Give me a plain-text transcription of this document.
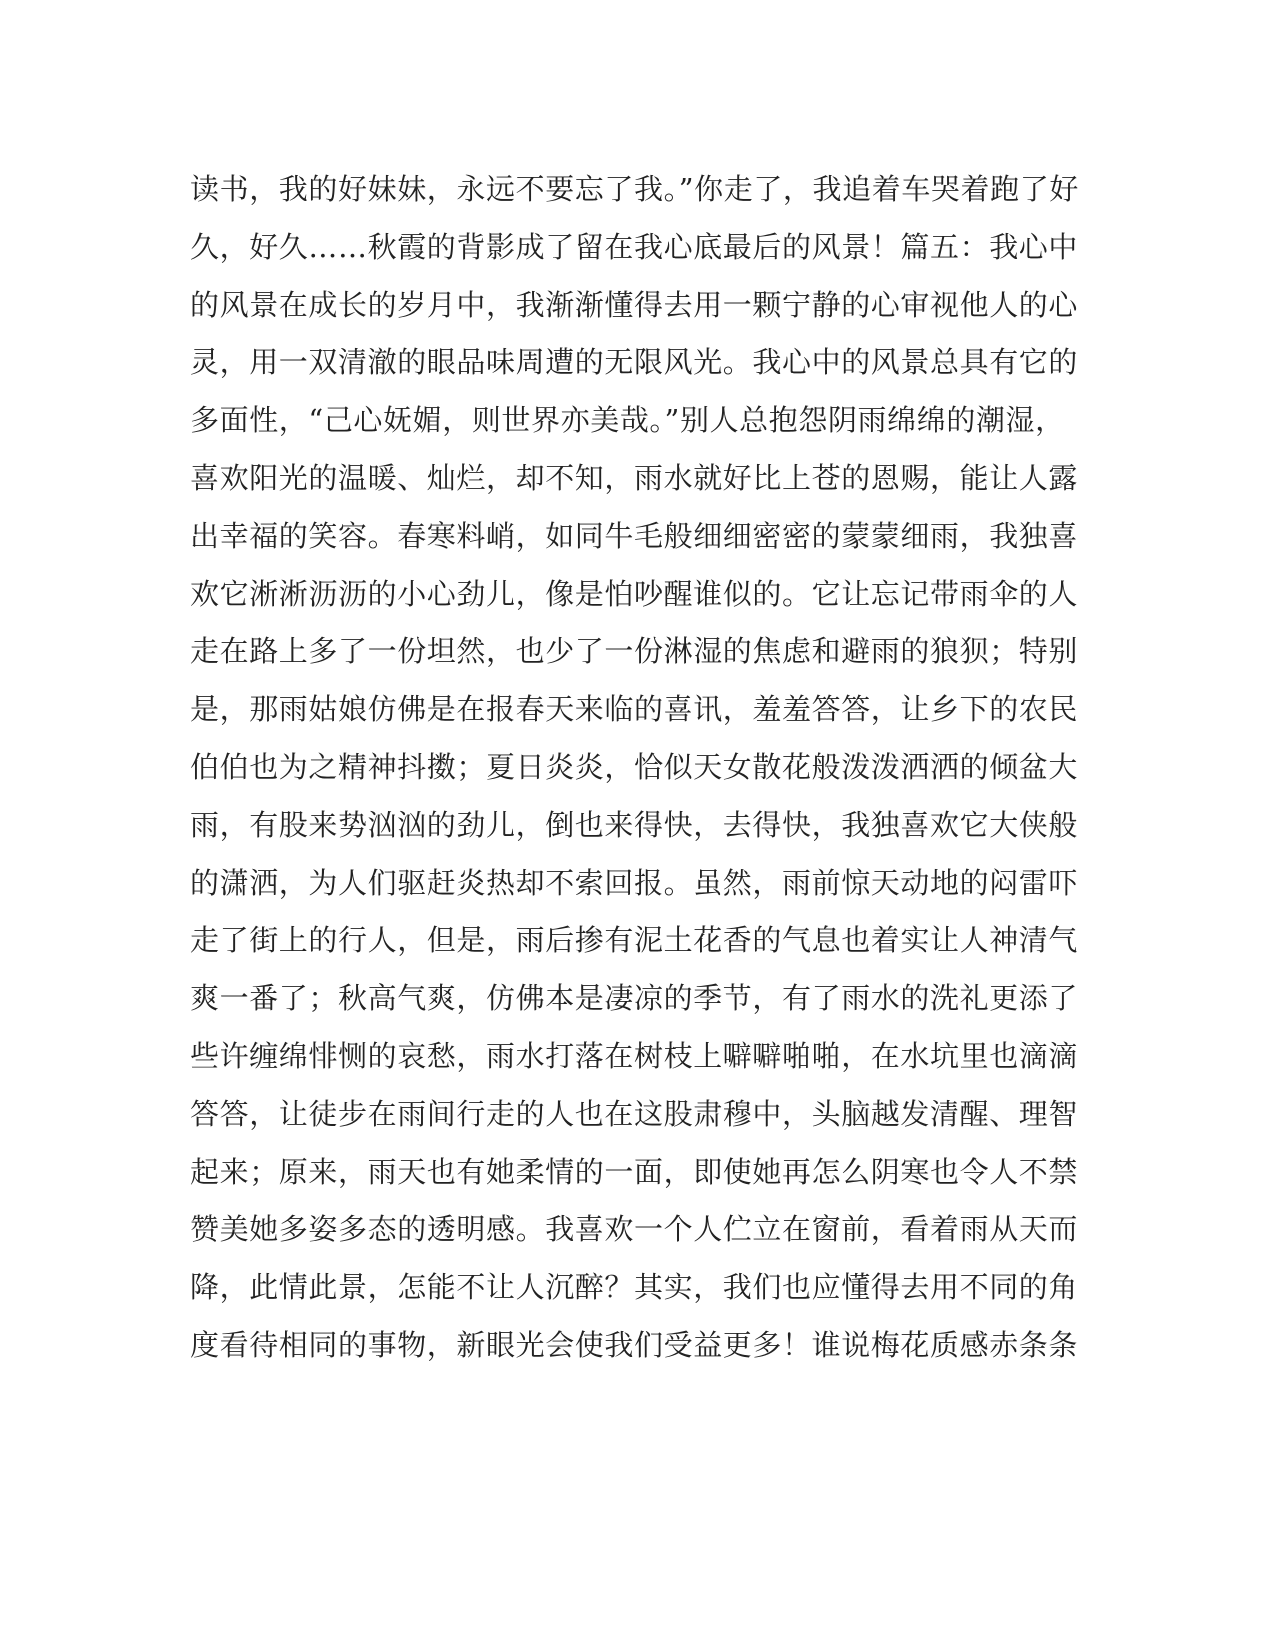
读书，我的好妹妹，永远不要忘了我。”你走了，我追着车哭着跑了好
久，好久……秋霞的背影成了留在我心底最后的风景！篇五：我心中
的风景在成长的岁月中，我渐渐懂得去用一颗宁静的心审视他人的心
灵，用一双清澈的眼品味周遭的无限风光。我心中的风景总具有它的
多面性，“己心妩媚，则世界亦美哉。”别人总抱怨阴雨绵绵的潮湿，
喜欢阳光的温暖、灿烂，却不知，雨水就好比上苍的恩赐，能让人露
出幸福的笑容。春寒料峭，如同牛毛般细细密密的蒙蒙细雨，我独喜
欢它淅淅沥沥的小心劲儿，像是怕吵醒谁似的。它让忘记带雨伞的人
走在路上多了一份坦然，也少了一份淋湿的焦虑和避雨的狼狈；特别
是，那雨姑娘仿佛是在报春天来临的喜讯，羞羞答答，让乡下的农民
伯伯也为之精神抖擞；夏日炎炎，恰似天女散花般泼泼洒洒的倾盆大
雨，有股来势汹汹的劲儿，倒也来得快，去得快，我独喜欢它大侠般
的潇洒，为人们驱赶炎热却不索回报。虽然，雨前惊天动地的闷雷吓
走了街上的行人，但是，雨后掺有泥土花香的气息也着实让人神清气
爽一番了；秋高气爽，仿佛本是凄凉的季节，有了雨水的洗礼更添了
些许缠绵悱恻的哀愁，雨水打落在树枝上噼噼啪啪，在水坑里也滴滴
答答，让徒步在雨间行走的人也在这股肃穆中，头脑越发清醒、理智
起来；原来，雨天也有她柔情的一面，即使她再怎么阴寒也令人不禁
赞美她多姿多态的透明感。我喜欢一个人伫立在窗前，看着雨从天而
降，此情此景，怎能不让人沉醉？其实，我们也应懂得去用不同的角
度看待相同的事物，新眼光会使我们受益更多！谁说梅花质感赤条条
